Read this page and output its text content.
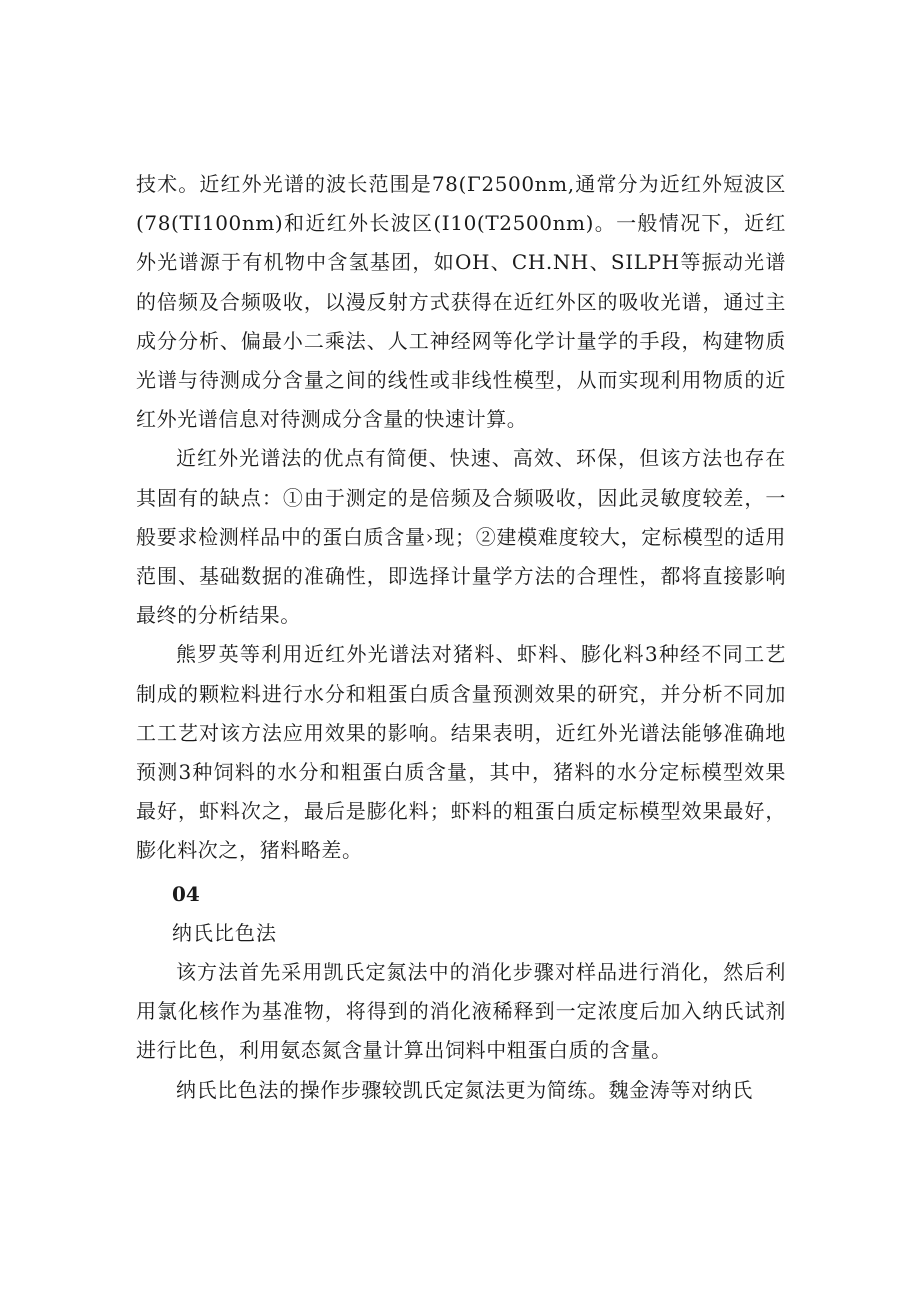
技术。近红外光谱的波长范围是78(Γ2500nm,通常分为近红外短波区(78(TI100nm)和近红外长波区(I10(T2500nm)。一般情况下，近红外光谱源于有机物中含氢基团，如OH、CH.NH、SILPH等振动光谱的倍频及合频吸收，以漫反射方式获得在近红外区的吸收光谱，通过主成分分析、偏最小二乘法、人工神经网等化学计量学的手段，构建物质光谱与待测成分含量之间的线性或非线性模型，从而实现利用物质的近红外光谱信息对待测成分含量的快速计算。

近红外光谱法的优点有简便、快速、高效、环保，但该方法也存在其固有的缺点：①由于测定的是倍频及合频吸收，因此灵敏度较差，一般要求检测样品中的蛋白质含量›现；②建模难度较大，定标模型的适用范围、基础数据的准确性，即选择计量学方法的合理性，都将直接影响最终的分析结果。

熊罗英等利用近红外光谱法对猪料、虾料、膨化料3种经不同工艺制成的颗粒料进行水分和粗蛋白质含量预测效果的研究，并分析不同加工工艺对该方法应用效果的影响。结果表明，近红外光谱法能够准确地预测3种饲料的水分和粗蛋白质含量，其中，猪料的水分定标模型效果最好，虾料次之，最后是膨化料；虾料的粗蛋白质定标模型效果最好，膨化料次之，猪料略差。

04

纳氏比色法

该方法首先采用凯氏定氮法中的消化步骤对样品进行消化，然后利用氯化核作为基准物，将得到的消化液稀释到一定浓度后加入纳氏试剂进行比色，利用氨态氮含量计算出饲料中粗蛋白质的含量。

纳氏比色法的操作步骤较凯氏定氮法更为简练。魏金涛等对纳氏
